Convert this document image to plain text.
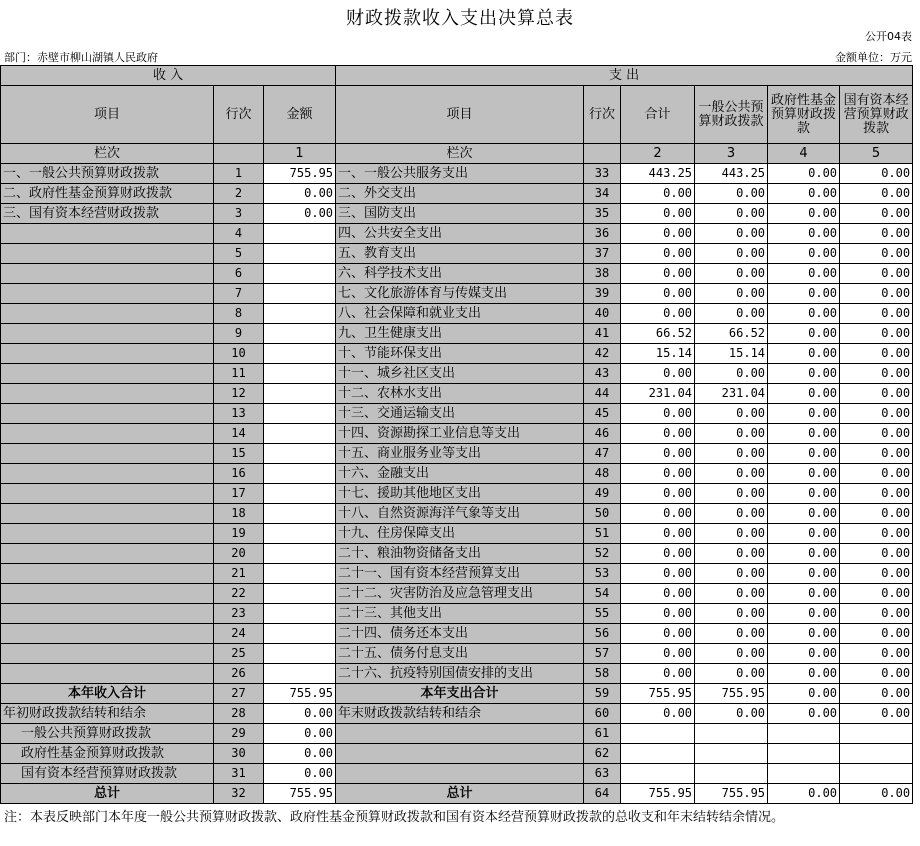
财政拨款收入支出决算总表
公开04表
部门：赤壁市柳山湖镇人民政府	金额单位：万元
收 入			支 出					
项目	行次	金额	项目	行次	合计	一般公共预算财政拨款	政府性基金预算财政拨款	国有资本经营预算财政拨款
栏次		1	栏次		2	3	4	5
一、一般公共预算财政拨款	1	755.95	一、一般公共服务支出	33	443.25	443.25	0.00	0.00
二、政府性基金预算财政拨款	2	0.00	二、外交支出	34	0.00	0.00	0.00	0.00
三、国有资本经营财政拨款	3	0.00	三、国防支出	35	0.00	0.00	0.00	0.00
	4		四、公共安全支出	36	0.00	0.00	0.00	0.00
	5		五、教育支出	37	0.00	0.00	0.00	0.00
	6		六、科学技术支出	38	0.00	0.00	0.00	0.00
	7		七、文化旅游体育与传媒支出	39	0.00	0.00	0.00	0.00
	8		八、社会保障和就业支出	40	0.00	0.00	0.00	0.00
	9		九、卫生健康支出	41	66.52	66.52	0.00	0.00
	10		十、节能环保支出	42	15.14	15.14	0.00	0.00
	11		十一、城乡社区支出	43	0.00	0.00	0.00	0.00
	12		十二、农林水支出	44	231.04	231.04	0.00	0.00
	13		十三、交通运输支出	45	0.00	0.00	0.00	0.00
	14		十四、资源勘探工业信息等支出	46	0.00	0.00	0.00	0.00
	15		十五、商业服务业等支出	47	0.00	0.00	0.00	0.00
	16		十六、金融支出	48	0.00	0.00	0.00	0.00
	17		十七、援助其他地区支出	49	0.00	0.00	0.00	0.00
	18		十八、自然资源海洋气象等支出	50	0.00	0.00	0.00	0.00
	19		十九、住房保障支出	51	0.00	0.00	0.00	0.00
	20		二十、粮油物资储备支出	52	0.00	0.00	0.00	0.00
	21		二十一、国有资本经营预算支出	53	0.00	0.00	0.00	0.00
	22		二十二、灾害防治及应急管理支出	54	0.00	0.00	0.00	0.00
	23		二十三、其他支出	55	0.00	0.00	0.00	0.00
	24		二十四、债务还本支出	56	0.00	0.00	0.00	0.00
	25		二十五、债务付息支出	57	0.00	0.00	0.00	0.00
	26		二十六、抗疫特别国债安排的支出	58	0.00	0.00	0.00	0.00
本年收入合计	27	755.95	本年支出合计	59	755.95	755.95	0.00	0.00
年初财政拨款结转和结余	28	0.00	年末财政拨款结转和结余	60	0.00	0.00	0.00	0.00
一般公共预算财政拨款	29	0.00		61				
政府性基金预算财政拨款	30	0.00		62				
国有资本经营预算财政拨款	31	0.00		63				
总计	32	755.95	总计	64	755.95	755.95	0.00	0.00
注：本表反映部门本年度一般公共预算财政拨款、政府性基金预算财政拨款和国有资本经营预算财政拨款的总收支和年末结转结余情况。
